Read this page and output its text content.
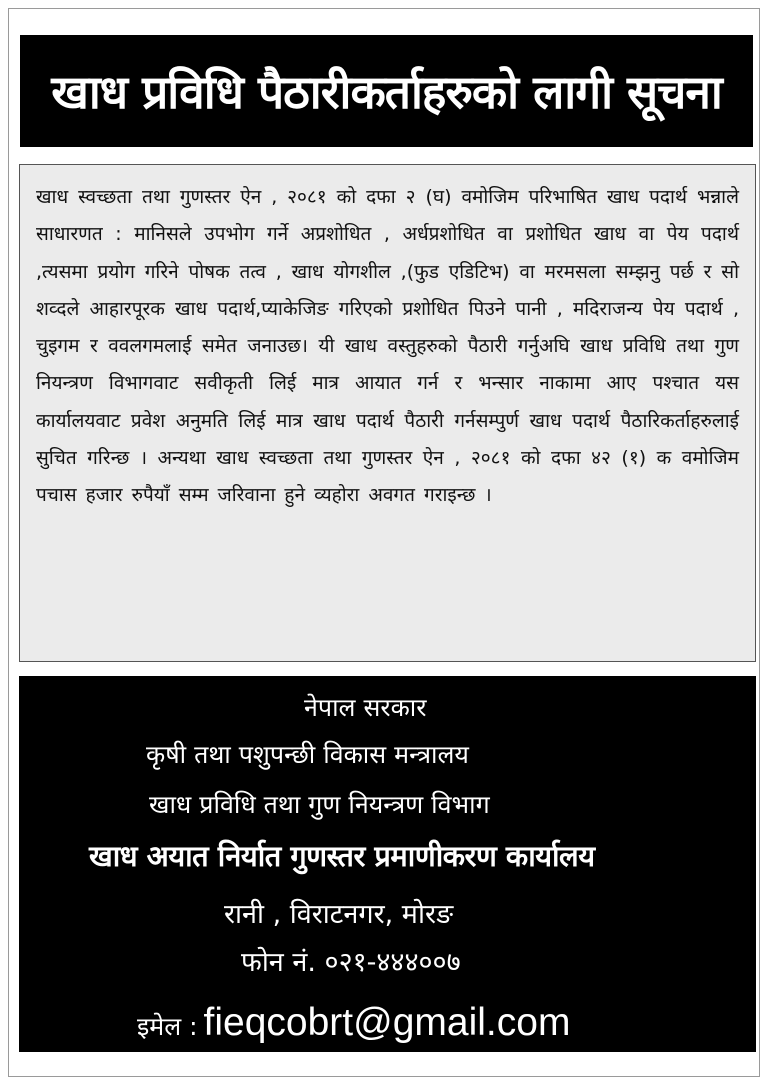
खाध प्रविधि पैठारीकर्ताहरुको लागी सूचना

खाध स्वच्छता तथा गुणस्तर ऐन , २०८१ को दफा २ (घ) वमोजिम परिभाषित खाध पदार्थ भन्नाले साधारणत : मानिसले उपभोग गर्ने अप्रशोधित , अर्धप्रशोधित वा प्रशोधित खाध वा पेय पदार्थ ,त्यसमा प्रयोग गरिने पोषक तत्व , खाध योगशील ,(फुड एडिटिभ) वा मरमसला सम्झनु पर्छ र सो शव्दले आहारपूरक खाध पदार्थ,प्याकेजिङ गरिएको प्रशोधित पिउने पानी , मदिराजन्य पेय पदार्थ , चुइगम र ववलगमलाई समेत जनाउछ। यी खाध वस्तुहरुको पैठारी गर्नुअघि खाध प्रविधि तथा गुण नियन्त्रण विभागवाट सवीकृती लिई मात्र आयात गर्न र भन्सार नाकामा आए पश्चात यस कार्यालयवाट प्रवेश अनुमति लिई मात्र खाध पदार्थ पैठारी गर्नसम्पुर्ण खाध पदार्थ पैठारिकर्ताहरुलाई सुचित गरिन्छ । अन्यथा खाध स्वच्छता तथा गुणस्तर ऐन , २०८१ को दफा ४२ (१) क वमोजिम पचास हजार रुपैयाँ सम्म जरिवाना हुने व्यहोरा अवगत गराइन्छ ।

नेपाल सरकार
कृषी तथा पशुपन्छी विकास मन्त्रालय
खाध प्रविधि तथा गुण नियन्त्रण विभाग
खाध अयात निर्यात गुणस्तर प्रमाणीकरण कार्यालय
रानी , विराटनगर, मोरङ
फोन नं. ०२१-४४४००७
इमेल : fieqcobrt@gmail.com
